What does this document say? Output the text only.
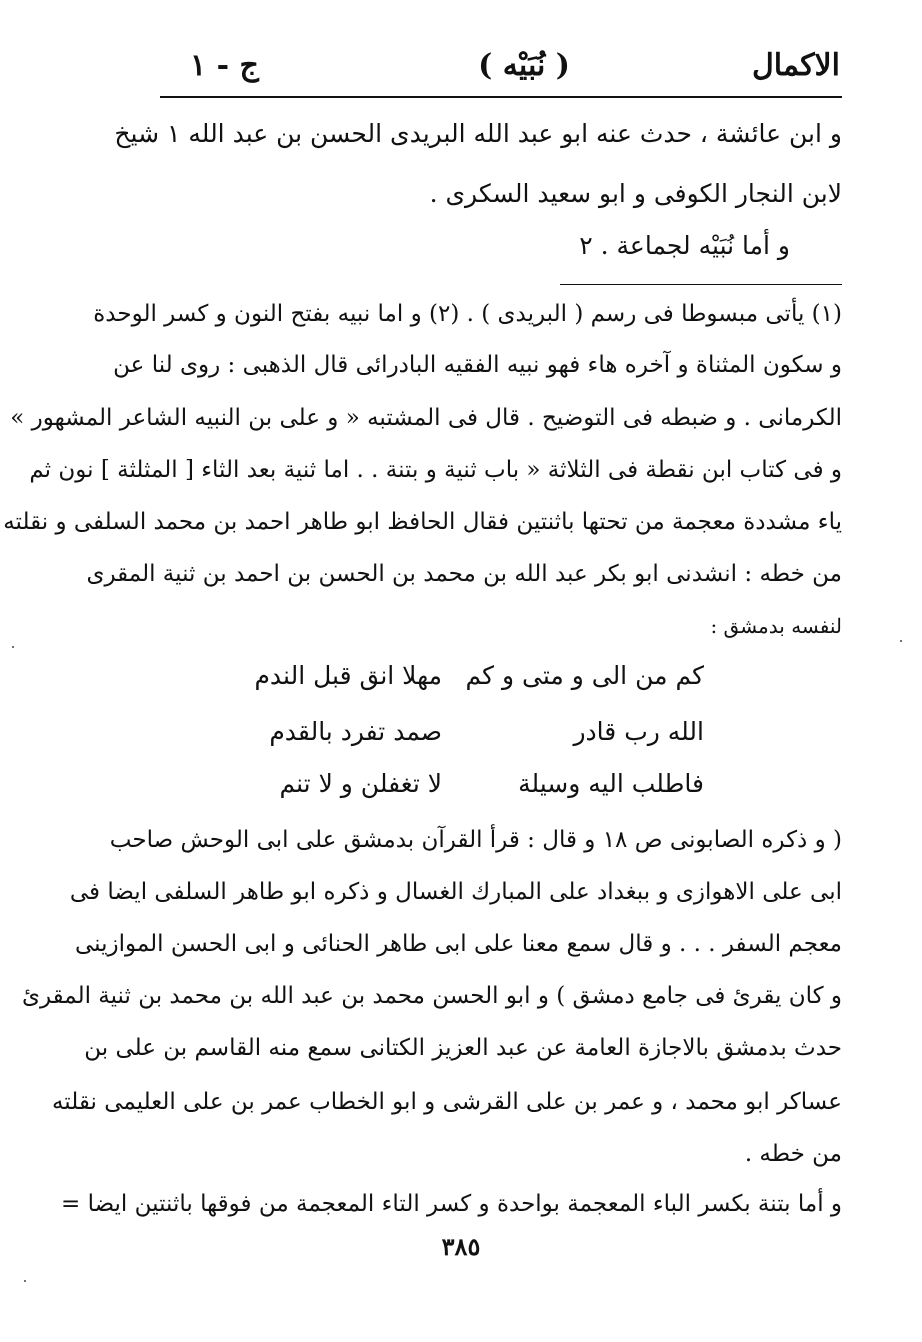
الاكمال
( نُبَيْه )
ج - ١
و ابن عائشة ، حدث عنه ابو عبد الله البريدى الحسن بن عبد الله ١ شيخ
لابن النجار الكوفى و ابو سعيد السكرى .
و أما نُبَيْه لجماعة . ٢
(١) يأتى مبسوطا فى رسم ( البريدى ) . (٢) و اما نبيه بفتح النون و كسر الوحدة
و سكون المثناة و آخره هاء فهو نبيه الفقيه البادرائى قال الذهبى : روى لنا عن
الكرمانى . و ضبطه فى التوضيح . قال فى المشتبه « و على بن النبيه الشاعر المشهور »
و فى كتاب ابن نقطة فى الثلاثة « باب ثنية و بتنة . . اما ثنية بعد الثاء [ المثلثة ] نون ثم
ياء مشددة معجمة من تحتها باثنتين فقال الحافظ ابو طاهر احمد بن محمد السلفى و نقلته
من خطه : انشدنى ابو بكر عبد الله بن محمد بن الحسن بن احمد بن ثنية المقرى
لنفسه بدمشق :
كم من الى و متى و كم
مهلا انق قبل الندم
الله رب قادر
صمد تفرد بالقدم
فاطلب اليه وسيلة
لا تغفلن و لا تنم
( و ذكره الصابونى ص ١٨ و قال : قرأ القرآن بدمشق على ابى الوحش صاحب
ابى على الاهوازى و ببغداد على المبارك الغسال و ذكره ابو طاهر السلفى ايضا فى
معجم السفر . . . و قال سمع معنا على ابى طاهر الحنائى و ابى الحسن الموازينى
و كان يقرئ فى جامع دمشق ) و ابو الحسن محمد بن عبد الله بن محمد بن ثنية المقرئ
حدث بدمشق بالاجازة العامة عن عبد العزيز الكتانى سمع منه القاسم بن على بن
عساكر ابو محمد ، و عمر بن على القرشى و ابو الخطاب عمر بن على العليمى نقلته
من خطه .
و أما بتنة بكسر الباء المعجمة بواحدة و كسر التاء المعجمة من فوقها باثنتين ايضا =
٣٨٥
